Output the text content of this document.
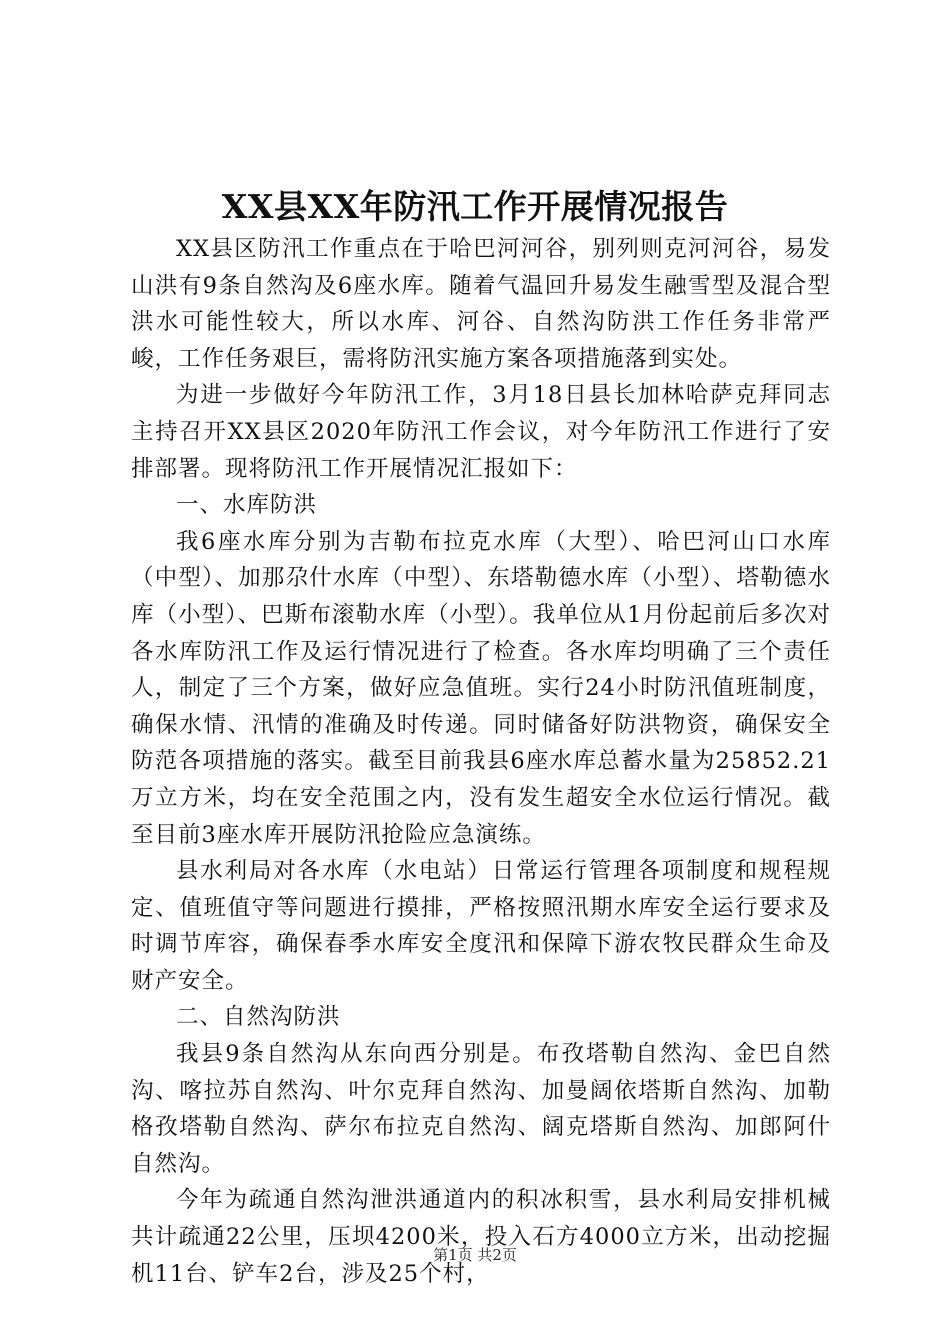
XX县XX年防汛工作开展情况报告

XX县区防汛工作重点在于哈巴河河谷，别列则克河河谷，易发山洪有9条自然沟及6座水库。随着气温回升易发生融雪型及混合型洪水可能性较大，所以水库、河谷、自然沟防洪工作任务非常严峻，工作任务艰巨，需将防汛实施方案各项措施落到实处。

为进一步做好今年防汛工作，3月18日县长加林哈萨克拜同志主持召开XX县区2020年防汛工作会议，对今年防汛工作进行了安排部署。现将防汛工作开展情况汇报如下：

一、水库防洪

我6座水库分别为吉勒布拉克水库（大型）、哈巴河山口水库（中型）、加那尕什水库（中型）、东塔勒德水库（小型）、塔勒德水库（小型）、巴斯布滚勒水库（小型）。我单位从1月份起前后多次对各水库防汛工作及运行情况进行了检查。各水库均明确了三个责任人，制定了三个方案，做好应急值班。实行24小时防汛值班制度，确保水情、汛情的准确及时传递。同时储备好防洪物资，确保安全防范各项措施的落实。截至目前我县6座水库总蓄水量为25852.21万立方米，均在安全范围之内，没有发生超安全水位运行情况。截至目前3座水库开展防汛抢险应急演练。

县水利局对各水库（水电站）日常运行管理各项制度和规程规定、值班值守等问题进行摸排，严格按照汛期水库安全运行要求及时调节库容，确保春季水库安全度汛和保障下游农牧民群众生命及财产安全。

二、自然沟防洪

我县9条自然沟从东向西分别是。布孜塔勒自然沟、金巴自然沟、喀拉苏自然沟、叶尔克拜自然沟、加曼阔依塔斯自然沟、加勒格孜塔勒自然沟、萨尔布拉克自然沟、阔克塔斯自然沟、加郎阿什自然沟。

今年为疏通自然沟泄洪通道内的积冰积雪，县水利局安排机械共计疏通22公里，压坝4200米，投入石方4000立方米，出动挖掘机11台、铲车2台，涉及25个村，

第1页 共2页
